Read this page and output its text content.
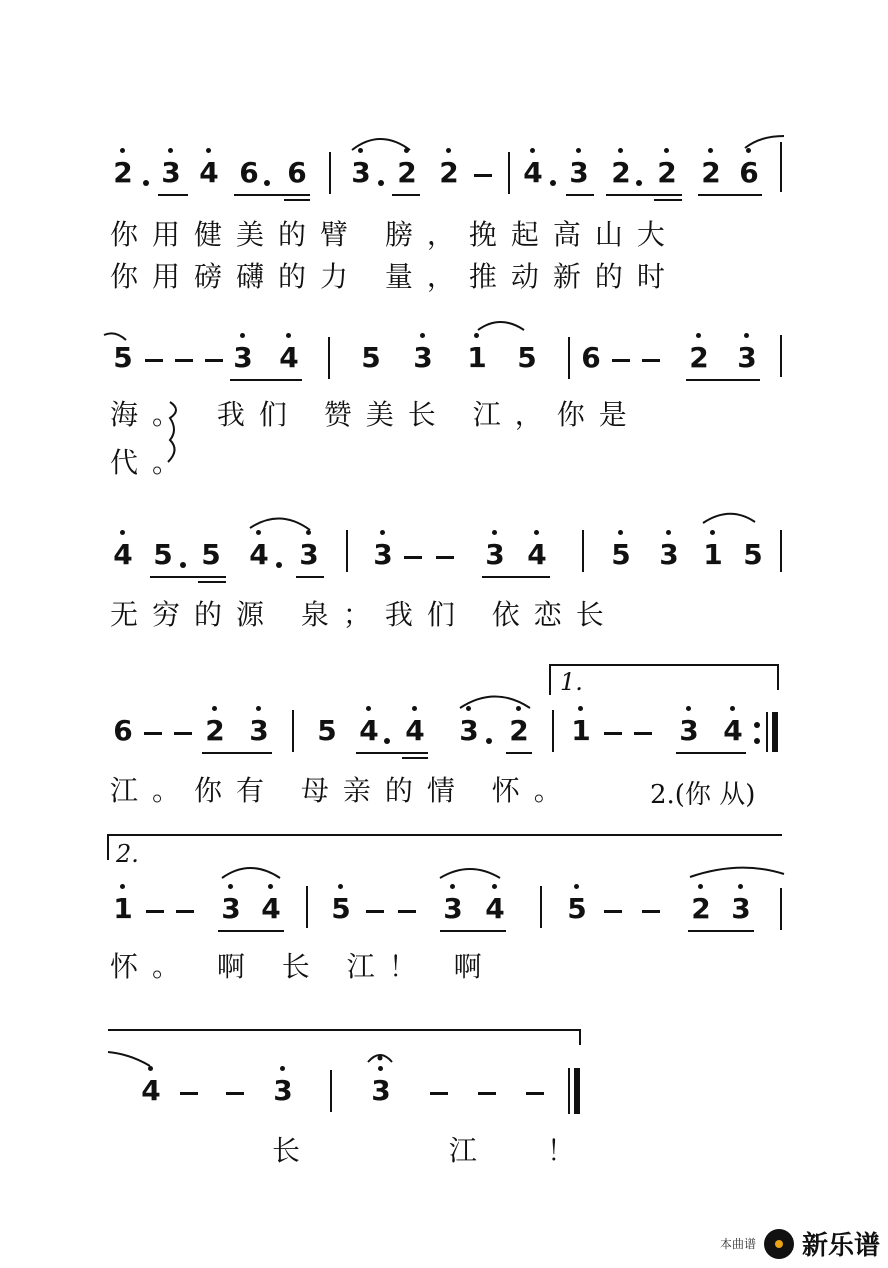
2 3 4 6 6 3 2 2 4 3 2 2 2 6
你用健美的臂 膀，挽起高山大
你用磅礴的力 量，推动新的时
5	3 4 5 3 1 5 6	2 3
海。 我们 赞美长 江，你是
代。
4 5 5 4 3 3	3 4 5 3 1 5
无穷的源 泉；我们 依恋长
1.
6	2 3 5 4 4 3 2 1	3 4
江。你有 母亲的情 怀。	2.(你 从)
2.
1	3 4 5	3 4 5	2 3
怀。 啊 长 江！ 啊
4	3	3
长 江！
本曲谱 新乐谱
